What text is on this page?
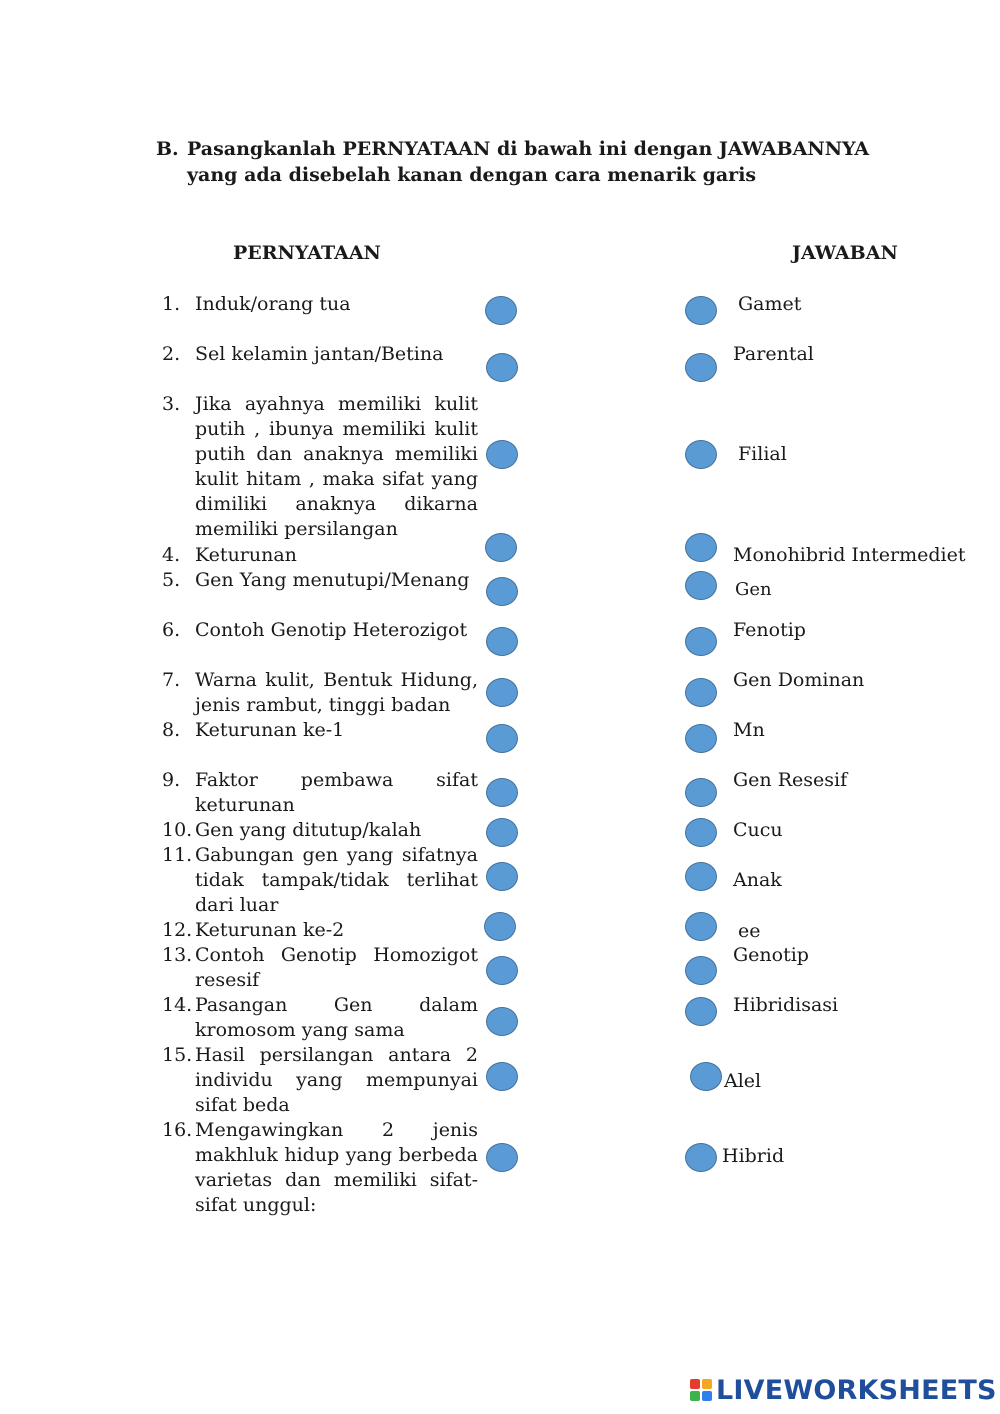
B. Pasangkanlah PERNYATAAN di bawah ini dengan JAWABANNYA yang ada disebelah kanan dengan cara menarik garis
PERNYATAAN	JAWABAN
1. Induk/orang tua
2. Sel kelamin jantan/Betina
3. Jika ayahnya memiliki kulit putih , ibunya memiliki kulit putih dan anaknya memiliki kulit hitam , maka sifat yang dimiliki anaknya dikarna memiliki persilangan
4. Keturunan
5. Gen Yang menutupi/Menang
6. Contoh Genotip Heterozigot
7. Warna kulit, Bentuk Hidung, jenis rambut, tinggi badan
8. Keturunan ke-1
9. Faktor pembawa sifat keturunan
10. Gen yang ditutup/kalah
11. Gabungan gen yang sifatnya tidak tampak/tidak terlihat dari luar
12. Keturunan ke-2
13. Contoh Genotip Homozigot resesif
14. Pasangan Gen dalam kromosom yang sama
15. Hasil persilangan antara 2 individu yang mempunyai sifat beda
16. Mengawingkan 2 jenis makhluk hidup yang berbeda varietas dan memiliki sifat-sifat unggul:
Gamet
Parental
Filial
Monohibrid Intermediet
Gen
Fenotip
Gen Dominan
Mn
Gen Resesif
Cucu
Anak
ee
Genotip
Hibridisasi
Alel
Hibrid
LIVEWORKSHEETS
